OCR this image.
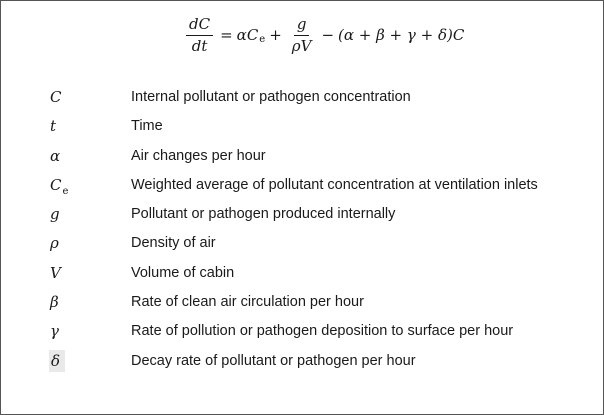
$\frac{dC}{dt} = \alpha$ C $e + \frac{g}{\rho V} - (\alpha + \beta + \gamma + \delta)$ C
C	Internal pollutant or pathogen concentration
t	Time
α	Air changes per hour
$C_e$	Weighted average of pollutant concentration at ventilation inlets
g	Pollutant or pathogen produced internally
ρ	Density of air
V	Volume of cabin
β	Rate of clean air circulation per hour
γ	Rate of pollution or pathogen deposition to surface per hour
δ	Decay rate of pollutant or pathogen per hour
